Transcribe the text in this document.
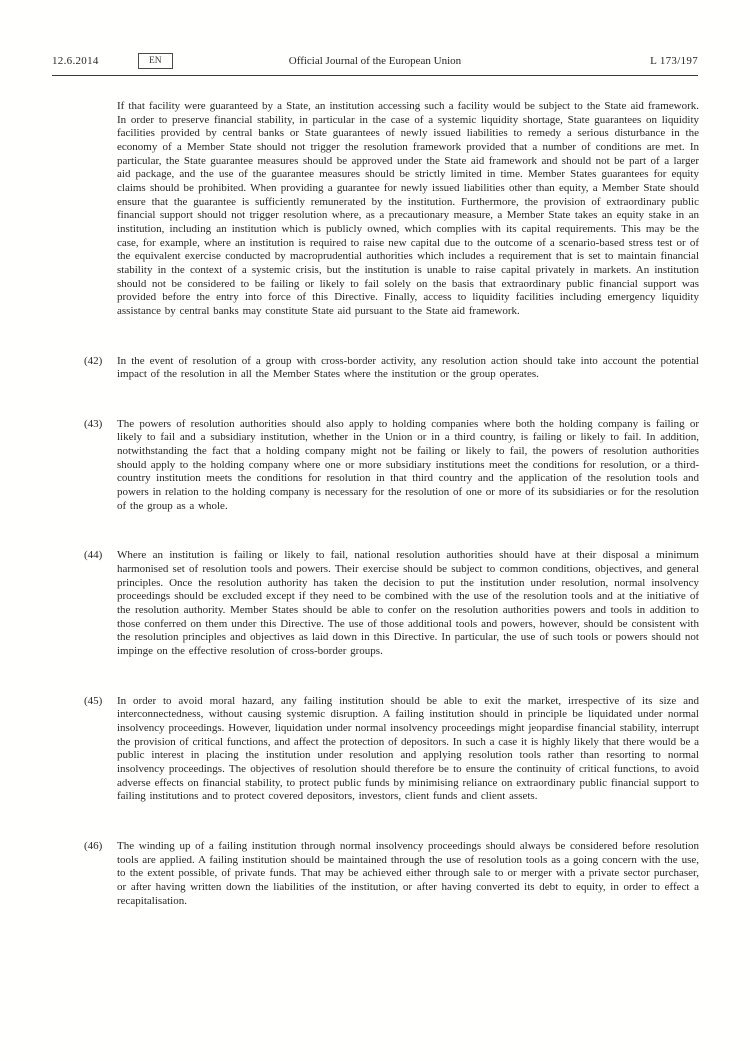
12.6.2014	EN	Official Journal of the European Union	L 173/197

If that facility were guaranteed by a State, an institution accessing such a facility would be subject to the State aid framework. In order to preserve financial stability, in particular in the case of a systemic liquidity shortage, State guarantees on liquidity facilities provided by central banks or State guarantees of newly issued liabilities to remedy a serious disturbance in the economy of a Member State should not trigger the resolution framework provided that a number of conditions are met. In particular, the State guarantee measures should be approved under the State aid framework and should not be part of a larger aid package, and the use of the guarantee measures should be strictly limited in time. Member States guarantees for equity claims should be prohibited. When providing a guarantee for newly issued liabilities other than equity, a Member State should ensure that the guarantee is sufficiently remunerated by the institution. Furthermore, the provision of extraordinary public financial support should not trigger resolution where, as a precautionary measure, a Member State takes an equity stake in an institution, including an institution which is publicly owned, which complies with its capital requirements. This may be the case, for example, where an institution is required to raise new capital due to the outcome of a scenario-based stress test or of the equivalent exercise conducted by macroprudential authorities which includes a requirement that is set to maintain financial stability in the context of a systemic crisis, but the institution is unable to raise capital privately in markets. An institution should not be considered to be failing or likely to fail solely on the basis that extraordinary public financial support was provided before the entry into force of this Directive. Finally, access to liquidity facilities including emergency liquidity assistance by central banks may constitute State aid pursuant to the State aid framework.

(42) In the event of resolution of a group with cross-border activity, any resolution action should take into account the potential impact of the resolution in all the Member States where the institution or the group operates.

(43) The powers of resolution authorities should also apply to holding companies where both the holding company is failing or likely to fail and a subsidiary institution, whether in the Union or in a third country, is failing or likely to fail. In addition, notwithstanding the fact that a holding company might not be failing or likely to fail, the powers of resolution authorities should apply to the holding company where one or more subsidiary institutions meet the conditions for resolution, or a third-country institution meets the conditions for resolution in that third country and the application of the resolution tools and powers in relation to the holding company is necessary for the resolution of one or more of its subsidiaries or for the resolution of the group as a whole.

(44) Where an institution is failing or likely to fail, national resolution authorities should have at their disposal a minimum harmonised set of resolution tools and powers. Their exercise should be subject to common conditions, objectives, and general principles. Once the resolution authority has taken the decision to put the institution under resolution, normal insolvency proceedings should be excluded except if they need to be combined with the use of the resolution tools and at the initiative of the resolution authority. Member States should be able to confer on the resolution authorities powers and tools in addition to those conferred on them under this Directive. The use of those additional tools and powers, however, should be consistent with the resolution principles and objectives as laid down in this Directive. In particular, the use of such tools or powers should not impinge on the effective resolution of cross-border groups.

(45) In order to avoid moral hazard, any failing institution should be able to exit the market, irrespective of its size and interconnectedness, without causing systemic disruption. A failing institution should in principle be liquidated under normal insolvency proceedings. However, liquidation under normal insolvency proceedings might jeopardise financial stability, interrupt the provision of critical functions, and affect the protection of depositors. In such a case it is highly likely that there would be a public interest in placing the institution under resolution and applying resolution tools rather than resorting to normal insolvency proceedings. The objectives of resolution should therefore be to ensure the continuity of critical functions, to avoid adverse effects on financial stability, to protect public funds by minimising reliance on extraordinary public financial support to failing institutions and to protect covered depositors, investors, client funds and client assets.

(46) The winding up of a failing institution through normal insolvency proceedings should always be considered before resolution tools are applied. A failing institution should be maintained through the use of resolution tools as a going concern with the use, to the extent possible, of private funds. That may be achieved either through sale to or merger with a private sector purchaser, or after having written down the liabilities of the institution, or after having converted its debt to equity, in order to effect a recapitalisation.
